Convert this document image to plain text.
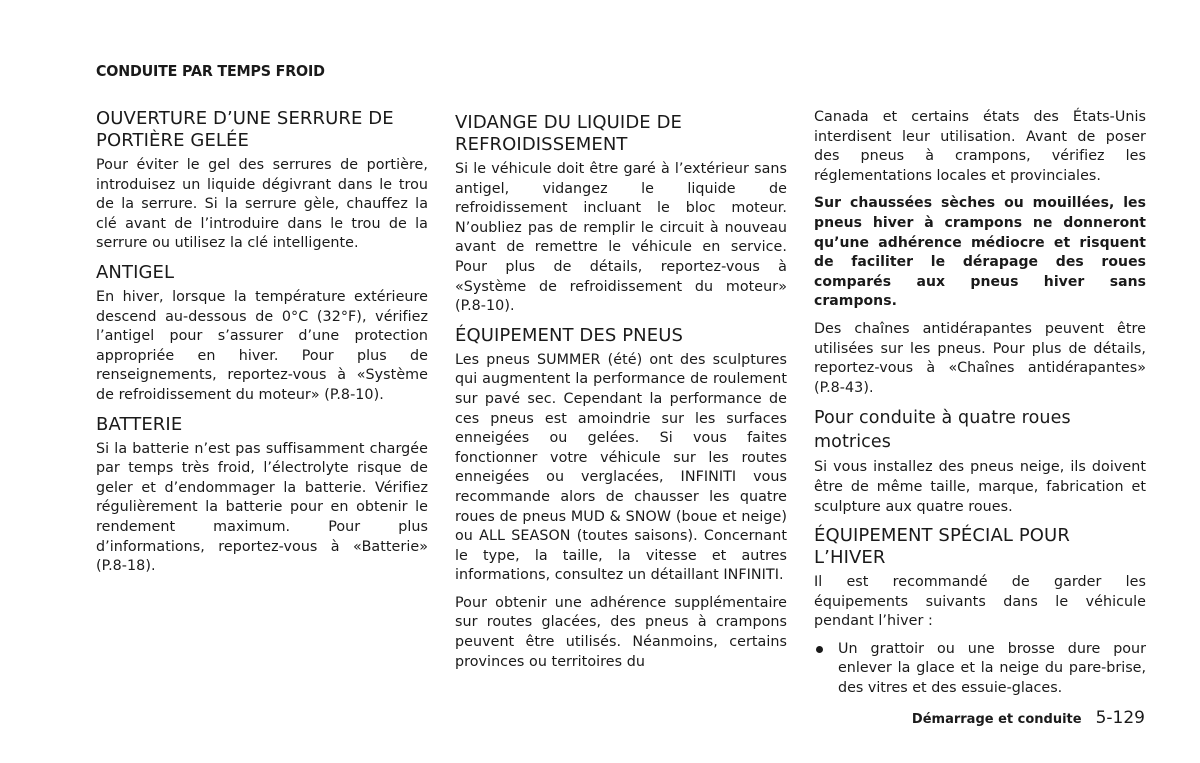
CONDUITE PAR TEMPS FROID
OUVERTURE D’UNE SERRURE DE PORTIÈRE GELÉE

Pour éviter le gel des serrures de portière, introduisez un liquide dégivrant dans le trou de la serrure. Si la serrure gèle, chauffez la clé avant de l’introduire dans le trou de la serrure ou utilisez la clé intelligente.

ANTIGEL

En hiver, lorsque la température extérieure descend au-dessous de 0°C (32°F), vérifiez l’antigel pour s’assurer d’une protection appropriée en hiver. Pour plus de renseignements, reportez-vous à «Système de refroidissement du moteur» (P.8-10).

BATTERIE

Si la batterie n’est pas suffisamment chargée par temps très froid, l’électrolyte risque de geler et d’endommager la batterie. Vérifiez régulièrement la batterie pour en obtenir le rendement maximum. Pour plus d’informations, reportez-vous à «Batterie» (P.8-18).

VIDANGE DU LIQUIDE DE REFROIDISSEMENT

Si le véhicule doit être garé à l’extérieur sans antigel, vidangez le liquide de refroidissement incluant le bloc moteur. N’oubliez pas de remplir le circuit à nouveau avant de remettre le véhicule en service. Pour plus de détails, reportez-vous à «Système de refroidissement du moteur» (P.8-10).

ÉQUIPEMENT DES PNEUS

Les pneus SUMMER (été) ont des sculptures qui augmentent la performance de roulement sur pavé sec. Cependant la performance de ces pneus est amoindrie sur les surfaces enneigées ou gelées. Si vous faites fonctionner votre véhicule sur les routes enneigées ou verglacées, INFINITI vous recommande alors de chausser les quatre roues de pneus MUD & SNOW (boue et neige) ou ALL SEASON (toutes saisons). Concernant le type, la taille, la vitesse et autres informations, consultez un détaillant INFINITI.

Pour obtenir une adhérence supplémentaire sur routes glacées, des pneus à crampons peuvent être utilisés. Néanmoins, certains provinces ou territoires du

Canada et certains états des États-Unis interdisent leur utilisation. Avant de poser des pneus à crampons, vérifiez les réglementations locales et provinciales.

Sur chaussées sèches ou mouillées, les pneus hiver à crampons ne donneront qu’une adhérence médiocre et risquent de faciliter le dérapage des roues comparés aux pneus hiver sans crampons.

Des chaînes antidérapantes peuvent être utilisées sur les pneus. Pour plus de détails, reportez-vous à «Chaînes antidérapantes» (P.8-43).

Pour conduite à quatre roues motrices

Si vous installez des pneus neige, ils doivent être de même taille, marque, fabrication et sculpture aux quatre roues.

ÉQUIPEMENT SPÉCIAL POUR L’HIVER

Il est recommandé de garder les équipements suivants dans le véhicule pendant l’hiver :

Un grattoir ou une brosse dure pour enlever la glace et la neige du pare-brise, des vitres et des essuie-glaces.
Démarrage et conduite 5-129
